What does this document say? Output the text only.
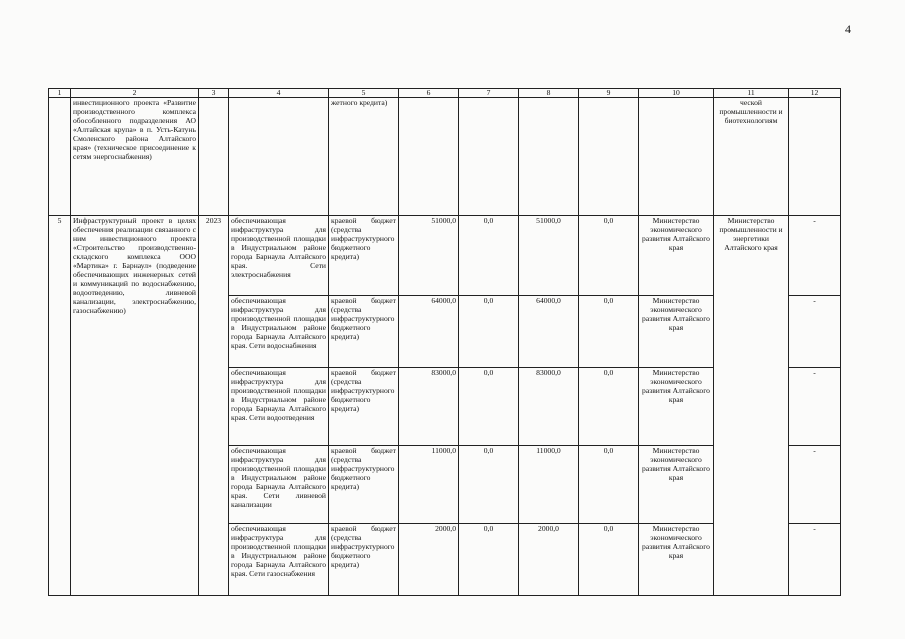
4
1	2	3	4	5	6	7	8	9	10	11	12
	инвестиционного проекта «Развитие производственного комплекса обособленного подразделения АО «Алтайская крупа» в п. Усть-Катунь Смоленского района Алтайского края» (техническое присоединение к сетям энергоснабжения)			жетного кредита)						ческой промышленности и биотехнологиям	
5	Инфраструктурный проект в целях обеспечения реализации связанного с ним инвестиционного проекта «Строительство производственно-складского комплекса ООО «Мартика» г. Барнаул» (подведение обеспечивающих инженерных сетей и коммуникаций по водоснабжению, водоотведению, ливневой канализации, электроснабжению, газоснабжению)	2023	обеспечивающая инфраструктура для производственной площадки в Индустриальном районе города Барнаула Алтайского края. Сети электроснабжения	краевой бюджет (средства инфраструктурного бюджетного кредита)	51000,0	0,0	51000,0	0,0	Министерство экономического развития Алтайского края	Министерство промышленности и энергетики Алтайского края	-
			обеспечивающая инфраструктура для производственной площадки в Индустриальном районе города Барнаула Алтайского края. Сети водоснабжения	краевой бюджет (средства инфраструктурного бюджетного кредита)	64000,0	0,0	64000,0	0,0	Министерство экономического развития Алтайского края		-
			обеспечивающая инфраструктура для производственной площадки в Индустриальном районе города Барнаула Алтайского края. Сети водоотведения	краевой бюджет (средства инфраструктурного бюджетного кредита)	83000,0	0,0	83000,0	0,0	Министерство экономического развития Алтайского края		-
			обеспечивающая инфраструктура для производственной площадки в Индустриальном районе города Барнаула Алтайского края. Сети ливневой канализации	краевой бюджет (средства инфраструктурного бюджетного кредита)	11000,0	0,0	11000,0	0,0	Министерство экономического развития Алтайского края		-
			обеспечивающая инфраструктура для производственной площадки в Индустриальном районе города Барнаула Алтайского края. Сети газоснабжения	краевой бюджет (средства инфраструктурного бюджетного кредита)	2000,0	0,0	2000,0	0,0	Министерство экономического развития Алтайского края		-
